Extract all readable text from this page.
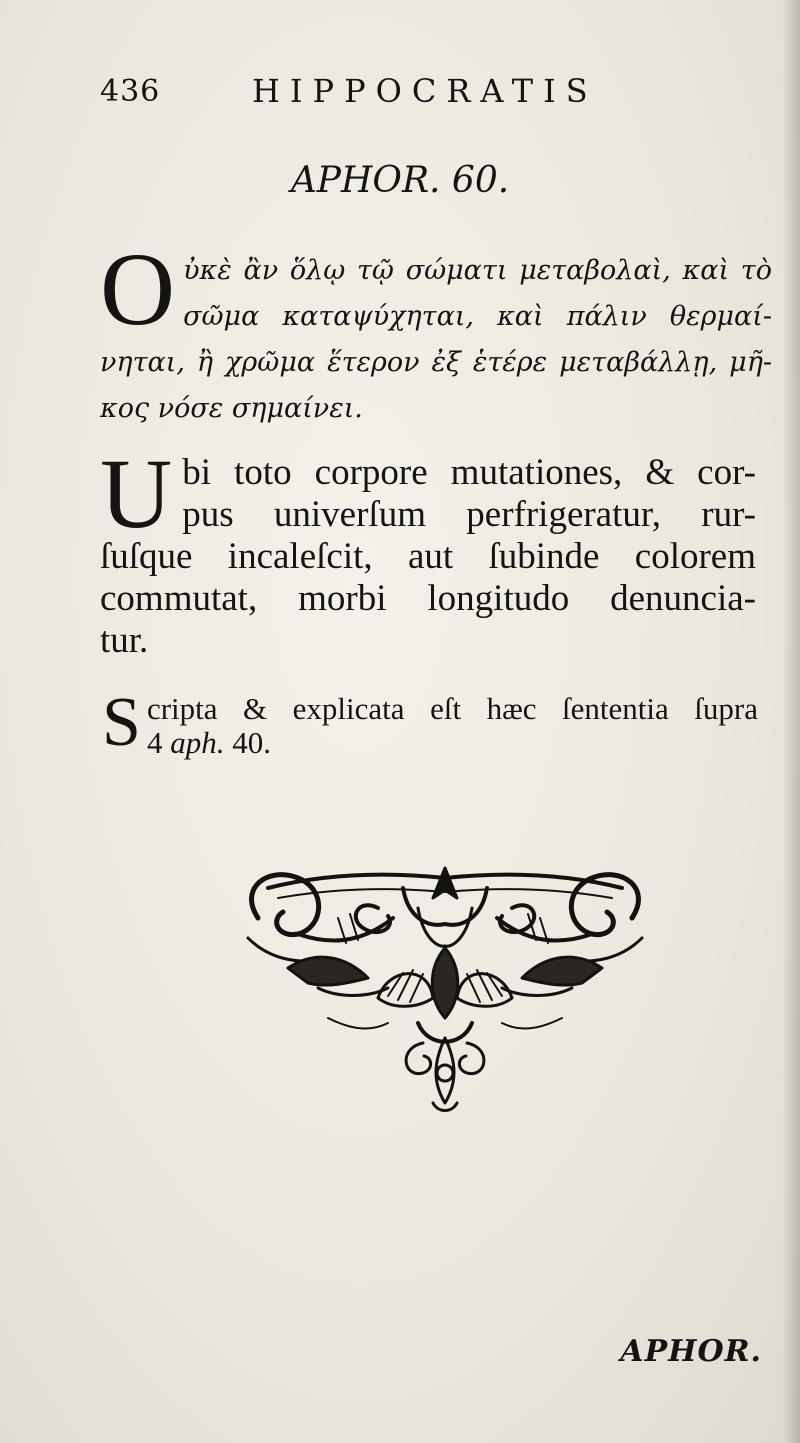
436	HIPPOCRATIS
APHOR. 60.
O ὐκὲ ἂν ὅλῳ τῷ σώματι μεταβολαὶ, καὶ τὸ
σῶμα καταψύχηται, καὶ πάλιν θερμαί-
νηται, ἢ χρῶμα ἕτερον ἐξ ἑτέρε μεταβάλλῃ, μῆ-
κος νόσε σημαίνει.
U bi toto corpore mutationes, & cor-
pus univerſum perfrigeratur, rur-
ſuſque incaleſcit, aut ſubinde colorem
commutat, morbi longitudo denuncia-
tur.
S cripta & explicata eſt hæc ſententia ſupra
4 aph. 40.
APHOR.
